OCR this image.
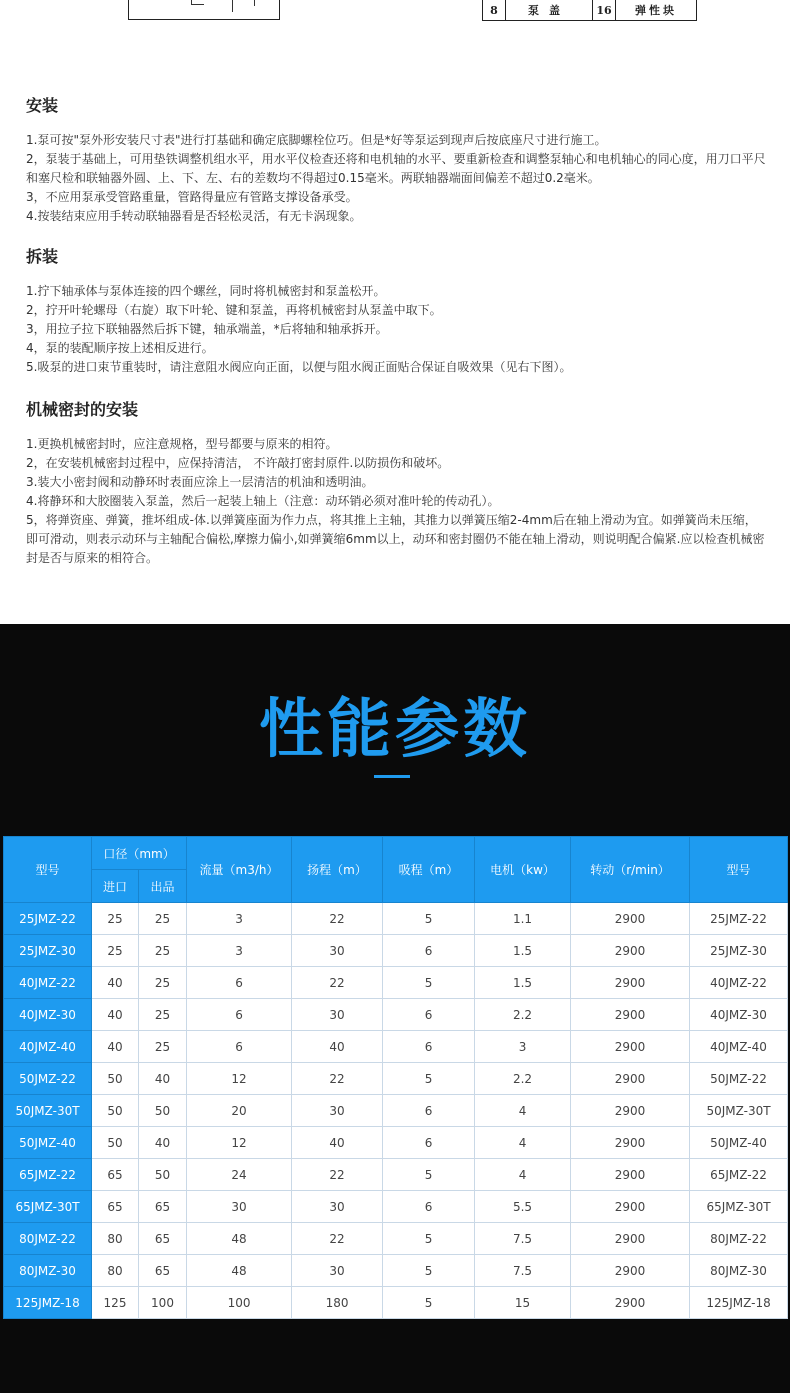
8	泵盖	16	弹性块
安装
1.泵可按"泵外形安装尺寸表"进行打基础和确定底脚螺栓位巧。但是*好等泵运到现声后按底座尺寸进行施工。
2，泵装于基础上，可用垫铁调整机组水平，用水平仪检查还将和电机轴的水平、要重新检查和调整泵轴心和电机轴心的同心度，用刀口平尺和塞尺检和联轴器外圆、上、下、左、右的差数均不得超过0.15毫米。两联轴器端面间偏差不超过0.2毫米。
3，不应用泵承受管路重量，管路得量应有管路支撑设备承受。
4.按装结束应用手转动联轴器看是否轻松灵活，有无卡涡现象。
拆装
1.拧下轴承体与泵体连接的四个螺丝，同时将机械密封和泵盖松开。
2，拧开叶轮螺母（右旋）取下叶轮、键和泵盖，再将机械密封从泵盖中取下。
3，用拉子拉下联轴器然后拆下键，轴承端盖，*后将轴和轴承拆开。
4，泵的装配顺序按上述相反进行。
5.吸泵的进口束节重装时，请注意阻水阀应向正面，以便与阻水阀正面贴合保证自吸效果（见右下图）。
机械密封的安装
1.更换机械密封时，应注意规格，型号都要与原来的相符。
2，在安装机械密封过程中，应保持清洁， 不许敲打密封原件.以防损伤和破坏。
3.装大小密封阀和动静环时表面应涂上一层清洁的机油和透明油。
4.将静环和大胶圈装入泵盖，然后一起装上轴上（注意：动环销必须对准叶轮的传动孔）。
5，将弹资座、弹簧，推坏组成-体.以弹簧座面为作力点，将其推上主轴，其推力以弹簧压缩2-4mm后在轴上滑动为宜。如弹簧尚未压缩，即可滑动，则表示动环与主轴配合偏松,摩擦力偏小,如弹簧缩6mm以上，动环和密封圈仍不能在轴上滑动，则说明配合偏紧.应以检查机械密封是否与原来的相符合。
性能参数
型号	口径（mm）		流量（m3/h）	扬程（m）	吸程（m）	电机（kw）	转动（r/min）	型号
	进口	出品						
25JMZ-22	25	25	3	22	5	1.1	2900	25JMZ-22
25JMZ-30	25	25	3	30	6	1.5	2900	25JMZ-30
40JMZ-22	40	25	6	22	5	1.5	2900	40JMZ-22
40JMZ-30	40	25	6	30	6	2.2	2900	40JMZ-30
40JMZ-40	40	25	6	40	6	3	2900	40JMZ-40
50JMZ-22	50	40	12	22	5	2.2	2900	50JMZ-22
50JMZ-30T	50	50	20	30	6	4	2900	50JMZ-30T
50JMZ-40	50	40	12	40	6	4	2900	50JMZ-40
65JMZ-22	65	50	24	22	5	4	2900	65JMZ-22
65JMZ-30T	65	65	30	30	6	5.5	2900	65JMZ-30T
80JMZ-22	80	65	48	22	5	7.5	2900	80JMZ-22
80JMZ-30	80	65	48	30	5	7.5	2900	80JMZ-30
125JMZ-18	125	100	100	180	5	15	2900	125JMZ-18
